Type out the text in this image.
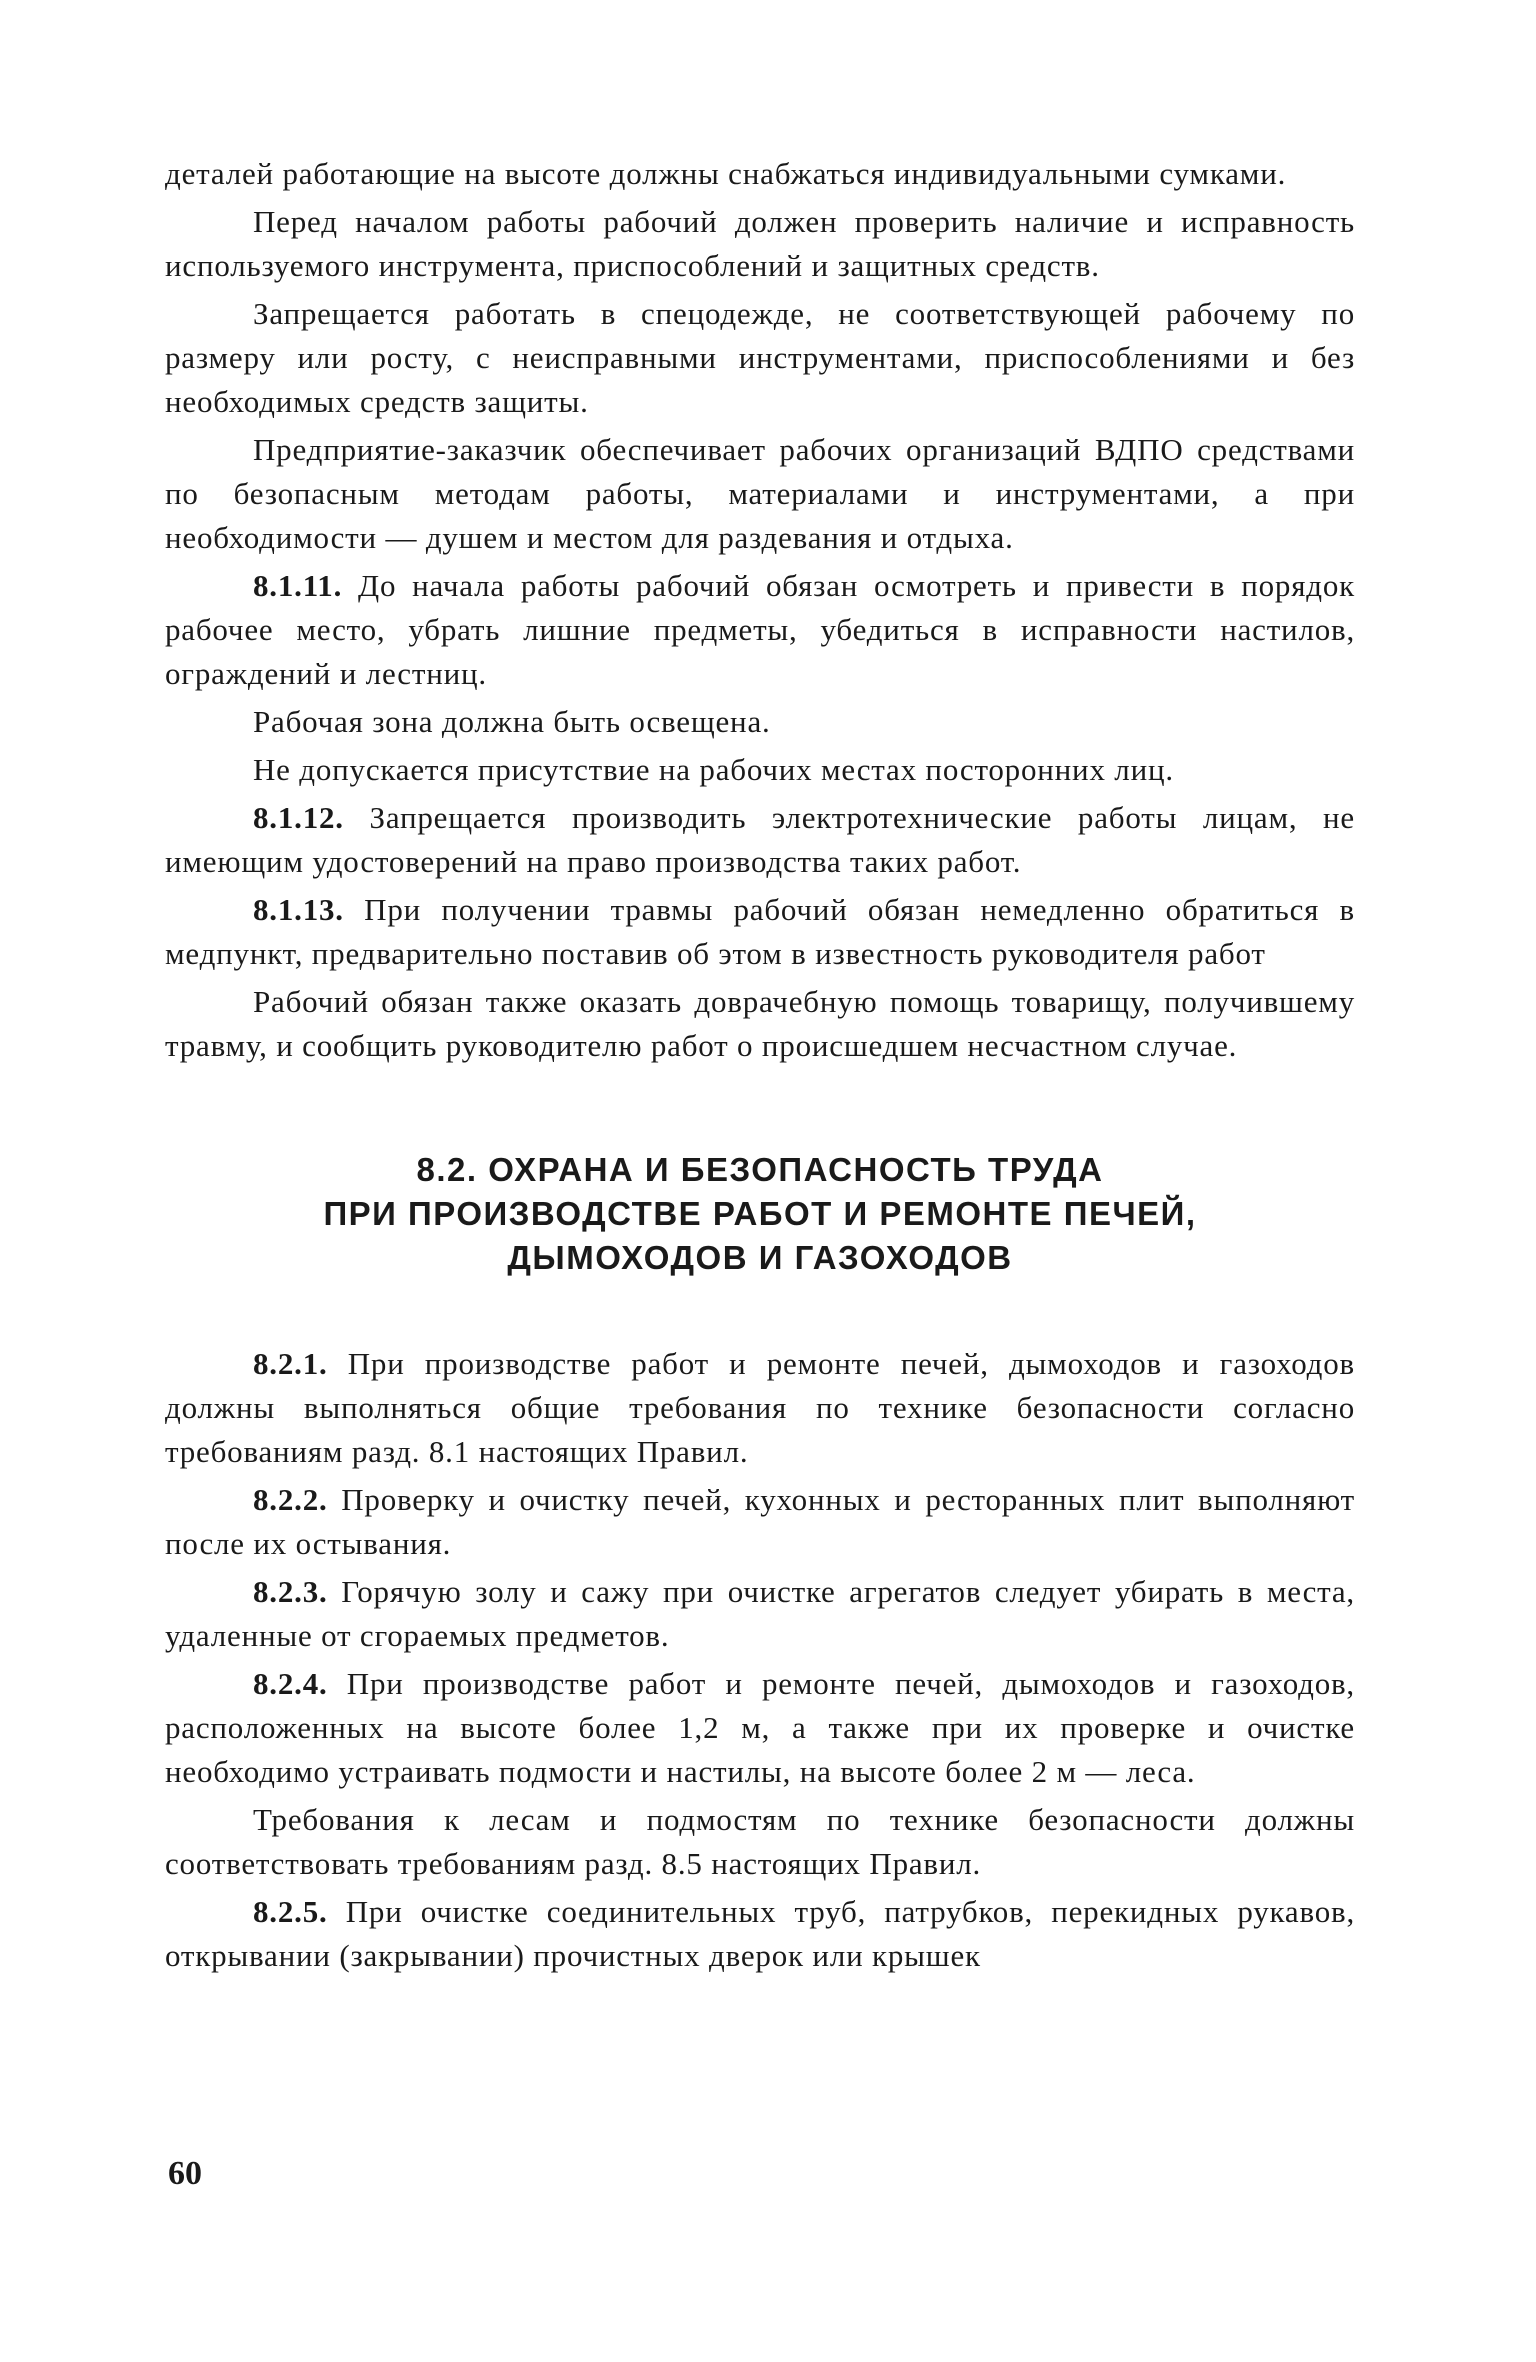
деталей работающие на высоте должны снабжаться индивидуальными сумками.

Перед началом работы рабочий должен проверить наличие и исправность используемого инструмента, приспособлений и защитных средств.

Запрещается работать в спецодежде, не соответствующей рабочему по размеру или росту, с неисправными инструментами, приспособлениями и без необходимых средств защиты.

Предприятие-заказчик обеспечивает рабочих организаций ВДПО средствами по безопасным методам работы, материалами и инструментами, а при необходимости — душем и местом для раздевания и отдыха.

8.1.11. До начала работы рабочий обязан осмотреть и привести в порядок рабочее место, убрать лишние предметы, убедиться в исправности настилов, ограждений и лестниц.

Рабочая зона должна быть освещена.

Не допускается присутствие на рабочих местах посторонних лиц.

8.1.12. Запрещается производить электротехнические работы лицам, не имеющим удостоверений на право производства таких работ.

8.1.13. При получении травмы рабочий обязан немедленно обратиться в медпункт, предварительно поставив об этом в известность руководителя работ

Рабочий обязан также оказать доврачебную помощь товарищу, получившему травму, и сообщить руководителю работ о происшедшем несчастном случае.

8.2. ОХРАНА И БЕЗОПАСНОСТЬ ТРУДА
ПРИ ПРОИЗВОДСТВЕ РАБОТ И РЕМОНТЕ ПЕЧЕЙ,
ДЫМОХОДОВ И ГАЗОХОДОВ

8.2.1. При производстве работ и ремонте печей, дымоходов и газоходов должны выполняться общие требования по технике безопасности согласно требованиям разд. 8.1 настоящих Правил.

8.2.2. Проверку и очистку печей, кухонных и ресторанных плит выполняют после их остывания.

8.2.3. Горячую золу и сажу при очистке агрегатов следует убирать в места, удаленные от сгораемых предметов.

8.2.4. При производстве работ и ремонте печей, дымоходов и газоходов, расположенных на высоте более 1,2 м, а также при их проверке и очистке необходимо устраивать подмости и настилы, на высоте более 2 м — леса.

Требования к лесам и подмостям по технике безопасности должны соответствовать требованиям разд. 8.5 настоящих Правил.

8.2.5. При очистке соединительных труб, патрубков, перекидных рукавов, открывании (закрывании) прочистных дверок или крышек

60
